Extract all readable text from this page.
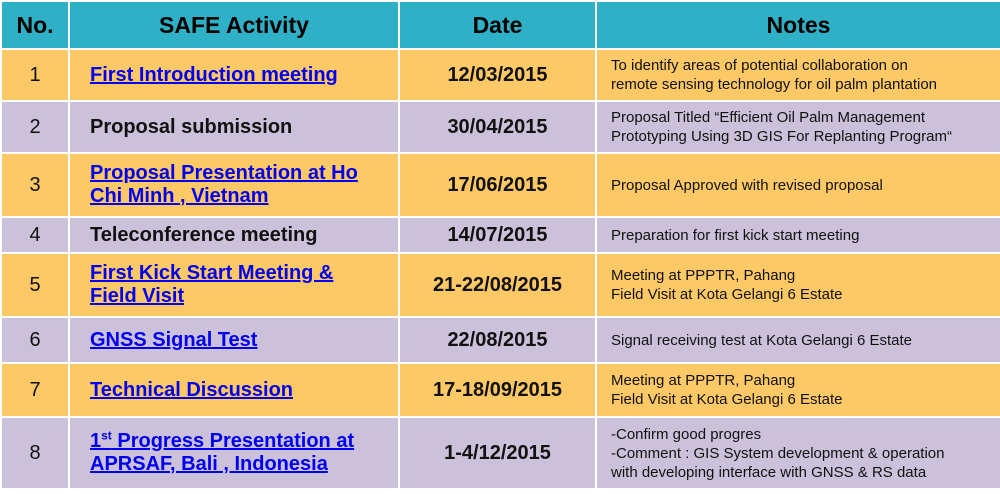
No.	SAFE Activity	Date	Notes
1	First Introduction meeting	12/03/2015	To identify areas of potential collaboration on
remote sensing technology for oil palm plantation

2	Proposal submission	30/04/2015	Proposal Titled “Efficient Oil Palm Management
Prototyping Using 3D GIS For Replanting Program“

3	Proposal Presentation at Ho
Chi Minh , Vietnam	17/06/2015	Proposal Approved with revised proposal

4	Teleconference meeting	14/07/2015	Preparation for first kick start meeting

5	First Kick Start Meeting &
Field Visit	21-22/08/2015	Meeting at PPPTR, Pahang
Field Visit at Kota Gelangi 6 Estate

6	GNSS Signal Test	22/08/2015	Signal receiving test at Kota Gelangi 6 Estate

7	Technical Discussion	17-18/09/2015	Meeting at PPPTR, Pahang
Field Visit at Kota Gelangi 6 Estate

8	1st Progress Presentation at
APRSAF, Bali , Indonesia	1-4/12/2015	-Confirm good progres
-Comment : GIS System development & operation
with developing interface with GNSS & RS data
